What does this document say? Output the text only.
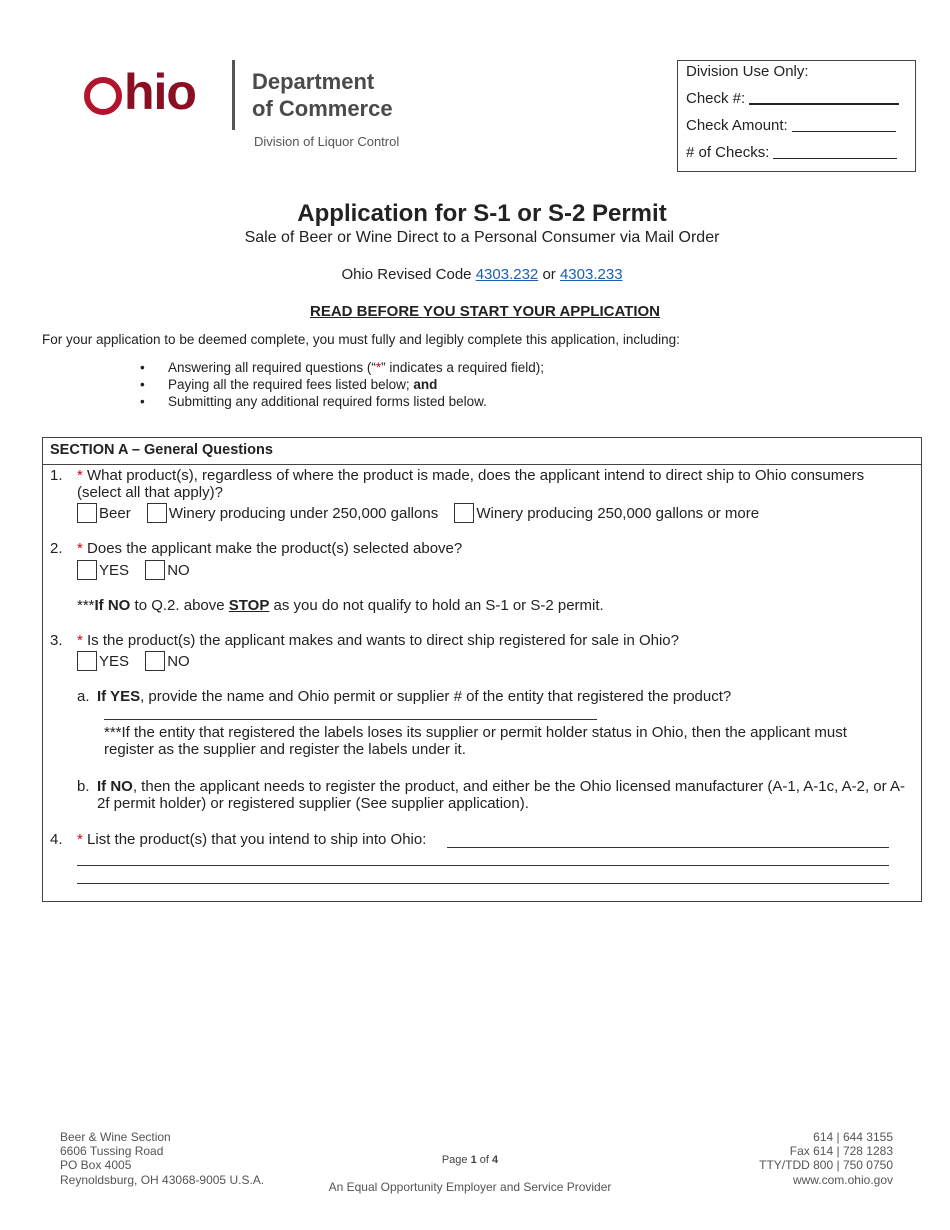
hio	Department
of Commerce
Division of Liquor Control
Division Use Only:
Check #:
Check Amount:
# of Checks:
Application for S-1 or S-2 Permit
Sale of Beer or Wine Direct to a Personal Consumer via Mail Order
Ohio Revised Code 4303.232 or 4303.233
READ BEFORE YOU START YOUR APPLICATION
For your application to be deemed complete, you must fully and legibly complete this application, including:
• Answering all required questions (“*” indicates a required field);
• Paying all the required fees listed below; and
• Submitting any additional required forms listed below.
SECTION A – General Questions
1. * What product(s), regardless of where the product is made, does the applicant intend to direct ship to Ohio consumers (select all that apply)?
Beer	Winery producing under 250,000 gallons	Winery producing 250,000 gallons or more
2. * Does the applicant make the product(s) selected above?
YES	NO
***If NO to Q.2. above STOP as you do not qualify to hold an S-1 or S-2 permit.
3. * Is the product(s) the applicant makes and wants to direct ship registered for sale in Ohio?
YES	NO
a. If YES, provide the name and Ohio permit or supplier # of the entity that registered the product?
***If the entity that registered the labels loses its supplier or permit holder status in Ohio, then the applicant must register as the supplier and register the labels under it.
b. If NO, then the applicant needs to register the product, and either be the Ohio licensed manufacturer (A-1, A-1c, A-2, or A-2f permit holder) or registered supplier (See supplier application).
4. * List the product(s) that you intend to ship into Ohio:
Beer & Wine Section
6606 Tussing Road
PO Box 4005
Reynoldsburg, OH 43068-9005 U.S.A.
Page 1 of 4
An Equal Opportunity Employer and Service Provider
614 | 644 3155
Fax 614 | 728 1283
TTY/TDD 800 | 750 0750
www.com.ohio.gov
